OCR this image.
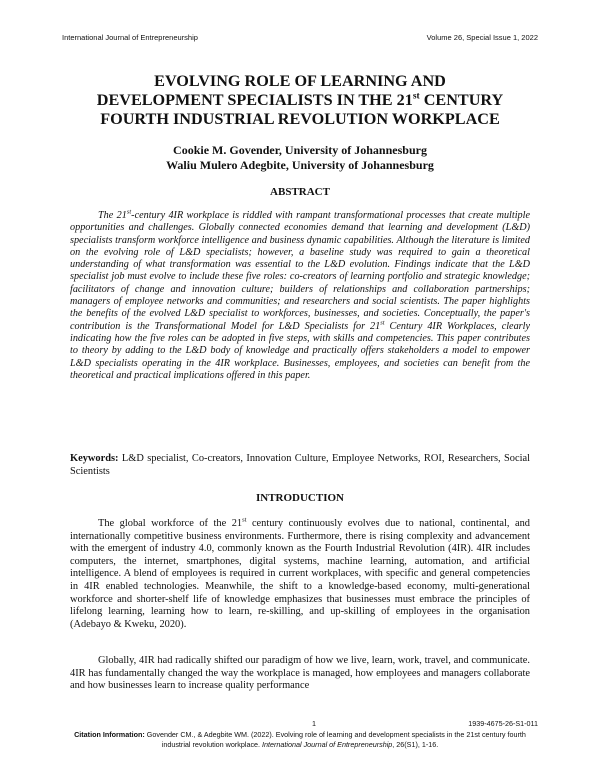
International Journal of Entrepreneurship	Volume 26, Special Issue 1, 2022
EVOLVING ROLE OF LEARNING AND
DEVELOPMENT SPECIALISTS IN THE 21st CENTURY
FOURTH INDUSTRIAL REVOLUTION WORKPLACE
Cookie M. Govender, University of Johannesburg
Waliu Mulero Adegbite, University of Johannesburg
ABSTRACT

The 21st-century 4IR workplace is riddled with rampant transformational processes that create multiple opportunities and challenges. Globally connected economies demand that learning and development (L&D) specialists transform workforce intelligence and business dynamic capabilities. Although the literature is limited on the evolving role of L&D specialists; however, a baseline study was required to gain a theoretical understanding of what transformation was essential to the L&D evolution. Findings indicate that the L&D specialist job must evolve to include these five roles: co-creators of learning portfolio and strategic knowledge; facilitators of change and innovation culture; builders of relationships and collaboration partnerships; managers of employee networks and communities; and researchers and social scientists. The paper highlights the benefits of the evolved L&D specialist to workforces, businesses, and societies. Conceptually, the paper's contribution is the Transformational Model for L&D Specialists for 21st Century 4IR Workplaces, clearly indicating how the five roles can be adopted in five steps, with skills and competencies. This paper contributes to theory by adding to the L&D body of knowledge and practically offers stakeholders a model to empower L&D specialists operating in the 4IR workplace. Businesses, employees, and societies can benefit from the theoretical and practical implications offered in this paper.

Keywords: L&D specialist, Co-creators, Innovation Culture, Employee Networks, ROI, Researchers, Social Scientists

INTRODUCTION

The global workforce of the 21st century continuously evolves due to national, continental, and internationally competitive business environments. Furthermore, there is rising complexity and advancement with the emergent of industry 4.0, commonly known as the Fourth Industrial Revolution (4IR). 4IR includes computers, the internet, smartphones, digital systems, machine learning, automation, and artificial intelligence. A blend of employees is required in current workplaces, with specific and general competencies in 4IR enabled technologies. Meanwhile, the shift to a knowledge-based economy, multi-generational workforce and shorter-shelf life of knowledge emphasizes that businesses must embrace the principles of lifelong learning, learning how to learn, re-skilling, and up-skilling of employees in the organisation (Adebayo & Kweku, 2020).

Globally, 4IR had radically shifted our paradigm of how we live, learn, work, travel, and communicate. 4IR has fundamentally changed the way the workplace is managed, how employees and managers collaborate and how businesses learn to increase quality performance

1	1939-4675-26-S1-011
Citation Information: Govender CM., & Adegbite WM. (2022). Evolving role of learning and development specialists in the 21st century fourth industrial revolution workplace. International Journal of Entrepreneurship, 26(S1), 1-16.
